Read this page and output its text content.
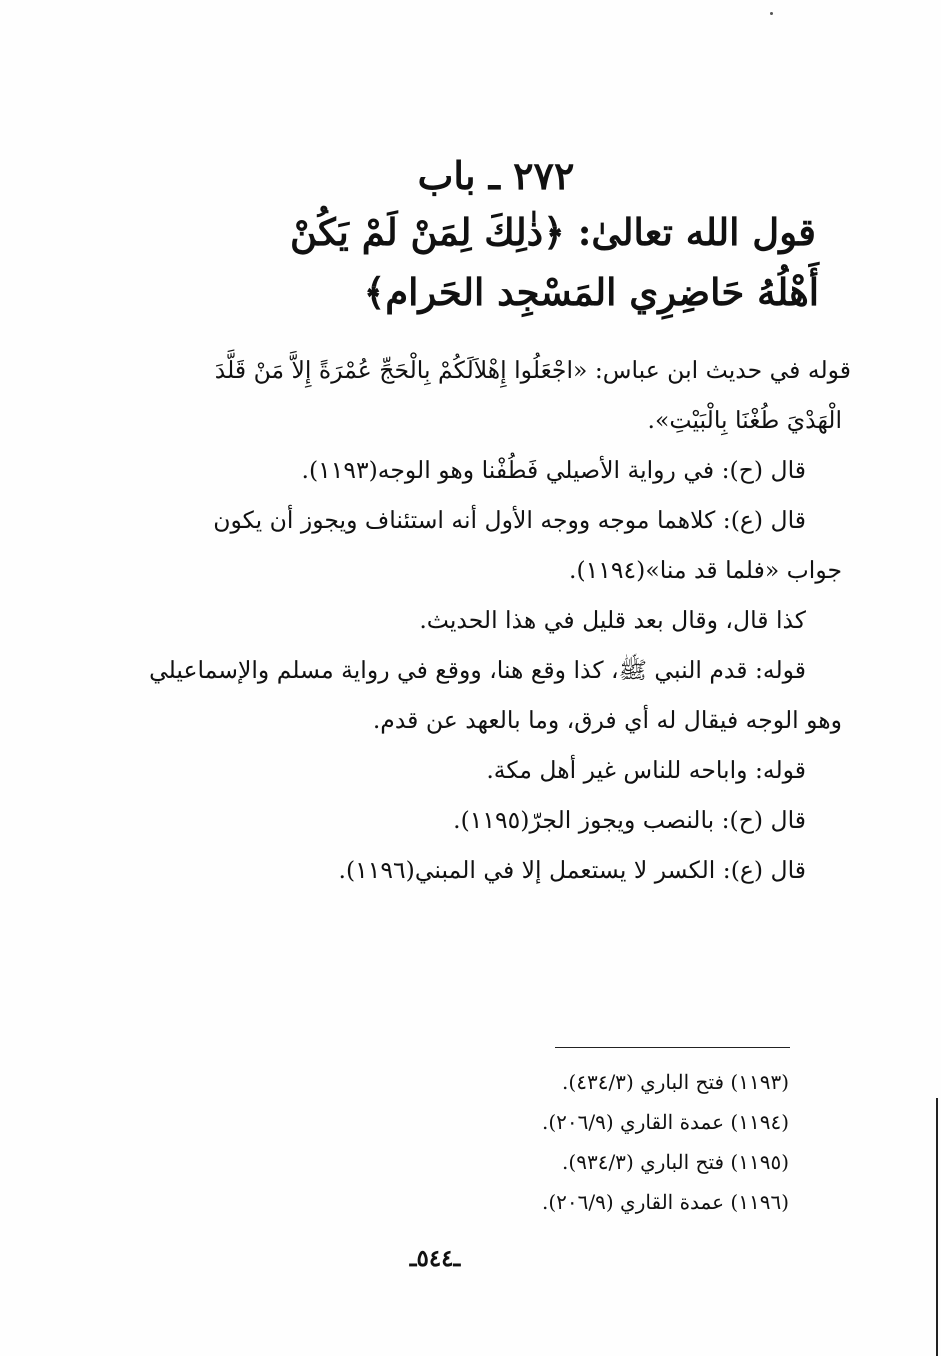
٢٧٢ ـ باب
قول الله تعالىٰ: ﴿ذٰلِكَ لِمَنْ لَمْ يَكُنْ
أَهْلُهُ حَاضِرِي المَسْجِد الحَرام﴾
قوله في حديث ابن عباس: «اجْعَلُوا إِهْلاَلَكُمْ بِالْحَجِّ عُمْرَةً إِلاَّ مَنْ قَلَّدَ
الْهَدْيَ طُغْنَا بِالْبَيْتِ».
قال (ح): في رواية الأصيلي فَطُفْنا وهو الوجه(١١٩٣).
قال (ع): كلاهما موجه ووجه الأول أنه استئناف ويجوز أن يكون
جواب «فلما قد منا»(١١٩٤).
كذا قال، وقال بعد قليل في هذا الحديث.
قوله: قدم النبي ﷺ، كذا وقع هنا، ووقع في رواية مسلم والإسماعيلي
وهو الوجه فيقال له أي فرق، وما بالعهد عن قدم.
قوله: واباحه للناس غير أهل مكة.
قال (ح): بالنصب ويجوز الجرّ(١١٩٥).
قال (ع): الكسر لا يستعمل إلا في المبني(١١٩٦).
(١١٩٣) فتح الباري (٤٣٤/٣).
(١١٩٤) عمدة القاري (٢٠٦/٩).
(١١٩٥) فتح الباري (٩٣٤/٣).
(١١٩٦) عمدة القاري (٢٠٦/٩).
ـ٥٤٤ـ
